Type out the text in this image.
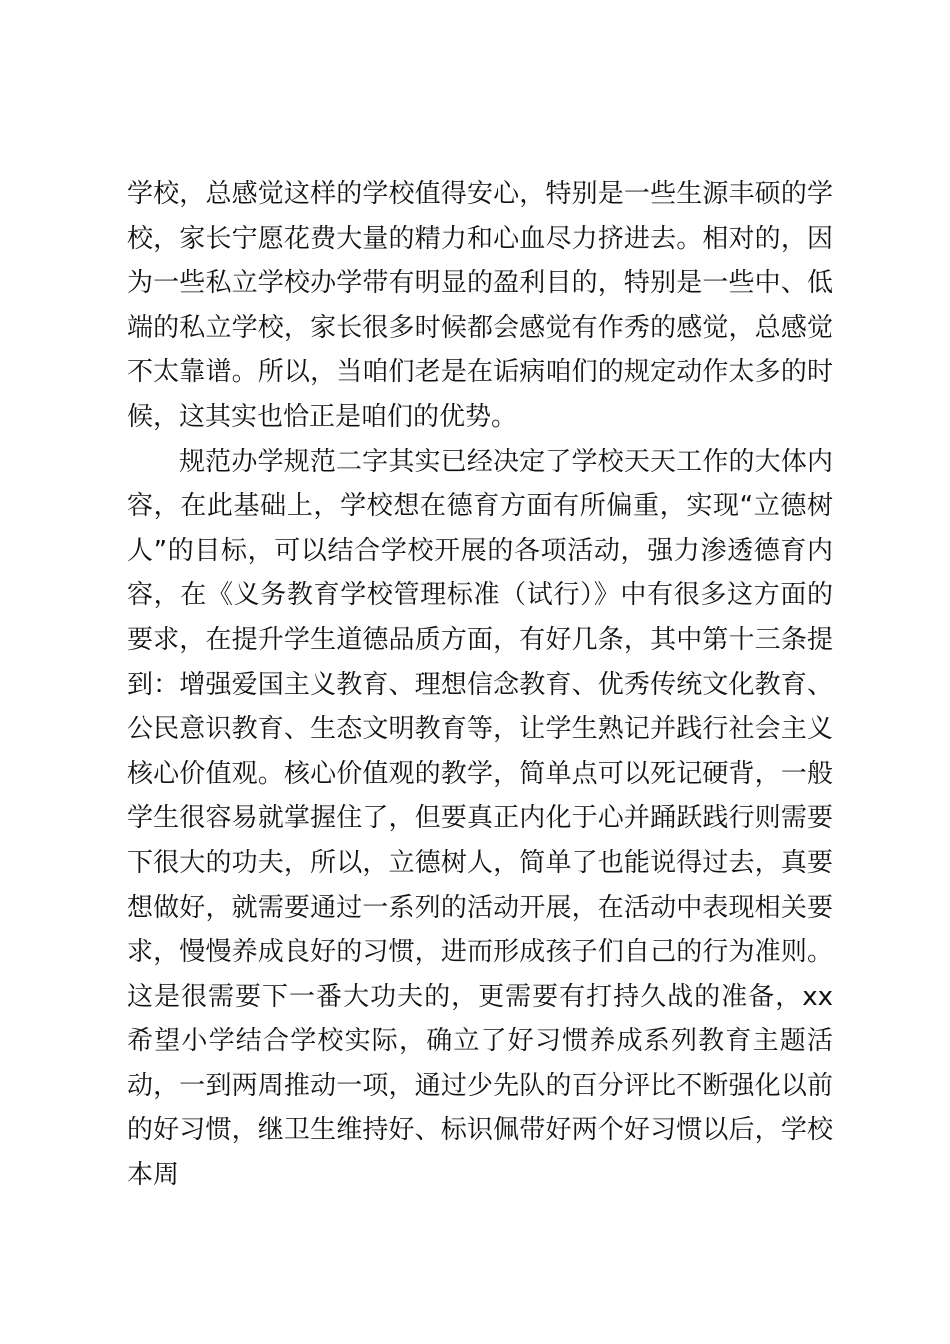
学校，总感觉这样的学校值得安心，特别是一些生源丰硕的学校，家长宁愿花费大量的精力和心血尽力挤进去。相对的，因为一些私立学校办学带有明显的盈利目的，特别是一些中、低端的私立学校，家长很多时候都会感觉有作秀的感觉，总感觉不太靠谱。所以，当咱们老是在诟病咱们的规定动作太多的时候，这其实也恰正是咱们的优势。

规范办学规范二字其实已经决定了学校天天工作的大体内容，在此基础上，学校想在德育方面有所偏重，实现“立德树人”的目标，可以结合学校开展的各项活动，强力渗透德育内容，在《义务教育学校管理标准（试行）》中有很多这方面的要求，在提升学生道德品质方面，有好几条，其中第十三条提到：增强爱国主义教育、理想信念教育、优秀传统文化教育、公民意识教育、生态文明教育等，让学生熟记并践行社会主义核心价值观。核心价值观的教学，简单点可以死记硬背，一般学生很容易就掌握住了，但要真正内化于心并踊跃践行则需要下很大的功夫，所以，立德树人，简单了也能说得过去，真要想做好，就需要通过一系列的活动开展，在活动中表现相关要求，慢慢养成良好的习惯，进而形成孩子们自己的行为准则。这是很需要下一番大功夫的，更需要有打持久战的准备，xx希望小学结合学校实际，确立了好习惯养成系列教育主题活动，一到两周推动一项，通过少先队的百分评比不断强化以前的好习惯，继卫生维持好、标识佩带好两个好习惯以后，学校本周
